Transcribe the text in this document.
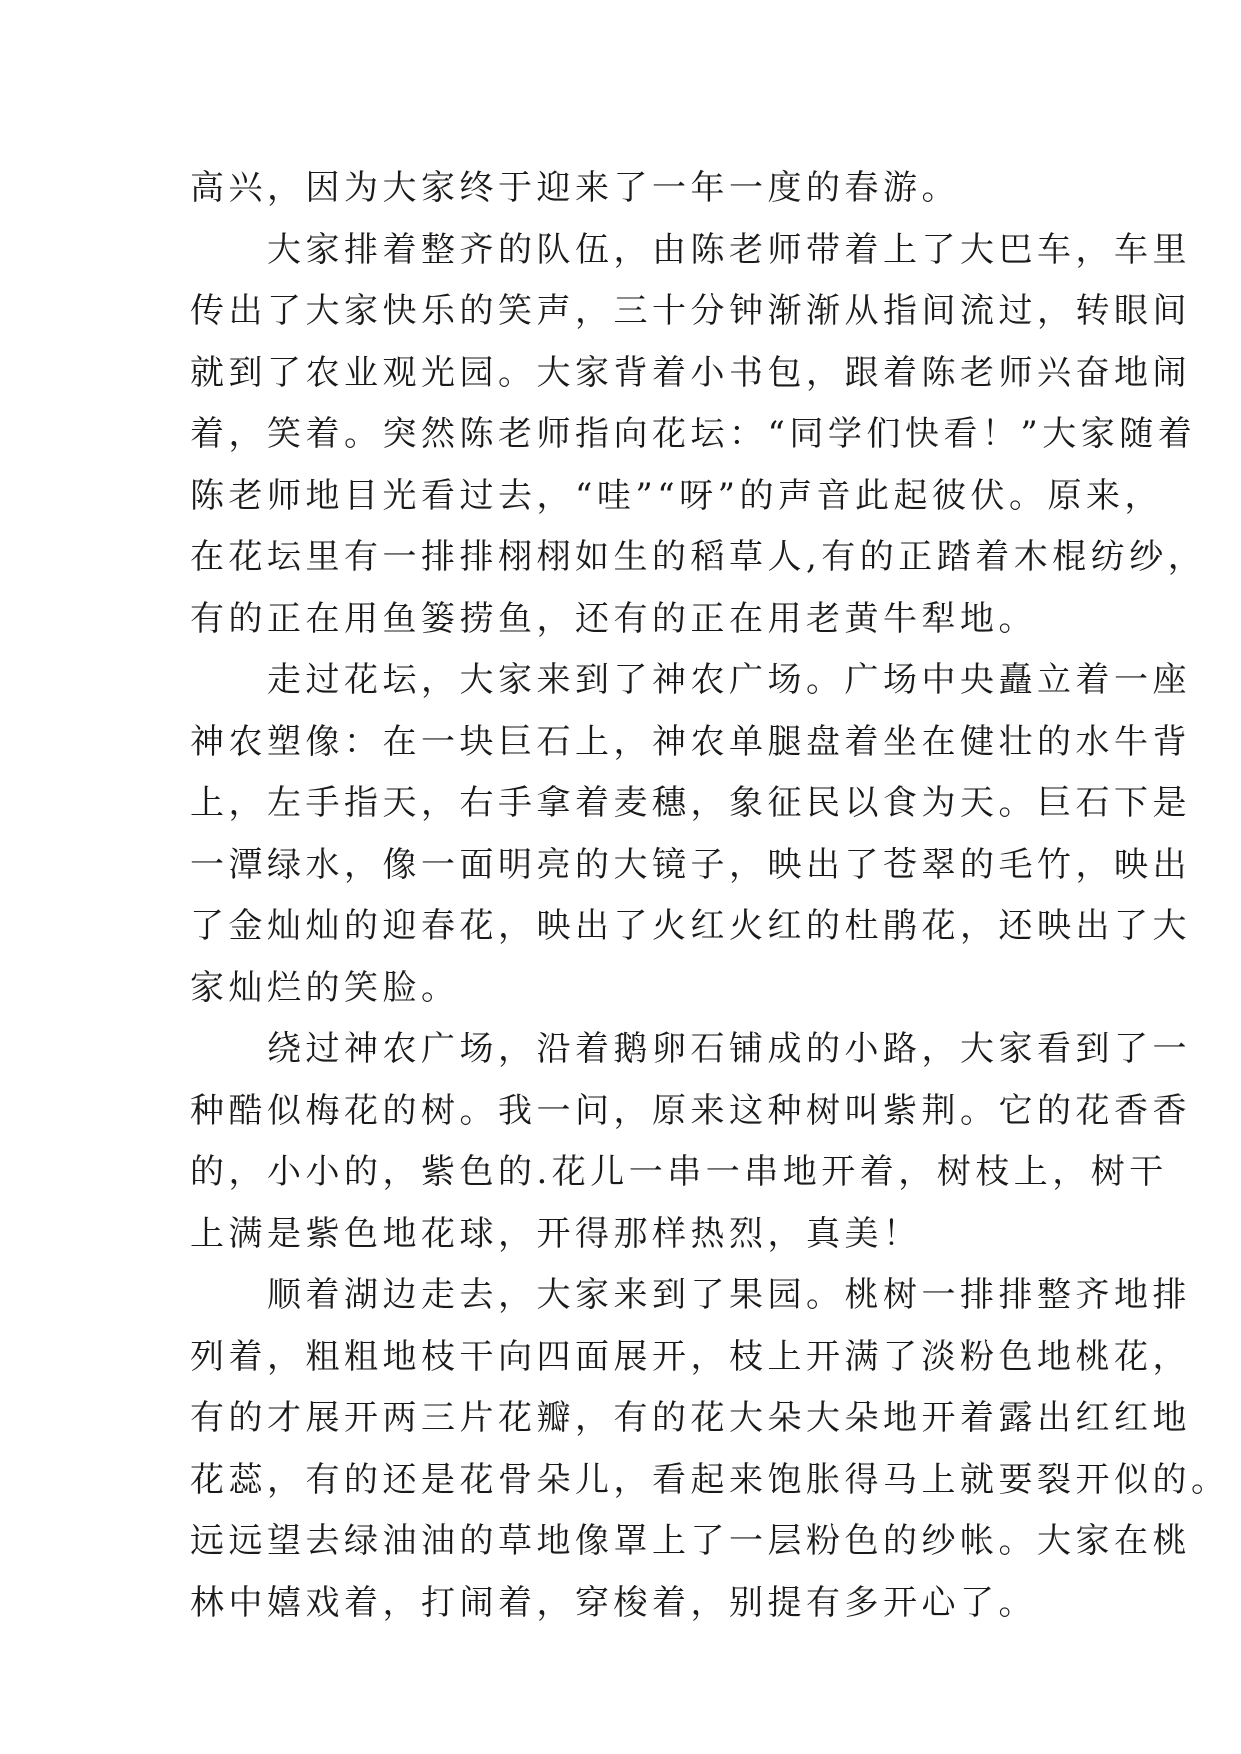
高兴，因为大家终于迎来了一年一度的春游。
大家排着整齐的队伍，由陈老师带着上了大巴车，车里
传出了大家快乐的笑声，三十分钟渐渐从指间流过，转眼间
就到了农业观光园。大家背着小书包，跟着陈老师兴奋地闹
着，笑着。突然陈老师指向花坛：“同学们快看！”大家随着
陈老师地目光看过去，“哇”“呀”的声音此起彼伏。原来，
在花坛里有一排排栩栩如生的稻草人,有的正踏着木棍纺纱，
有的正在用鱼篓捞鱼，还有的正在用老黄牛犁地。
走过花坛，大家来到了神农广场。广场中央矗立着一座
神农塑像：在一块巨石上，神农单腿盘着坐在健壮的水牛背
上，左手指天，右手拿着麦穗，象征民以食为天。巨石下是
一潭绿水，像一面明亮的大镜子，映出了苍翠的毛竹，映出
了金灿灿的迎春花，映出了火红火红的杜鹃花，还映出了大
家灿烂的笑脸。
绕过神农广场，沿着鹅卵石铺成的小路，大家看到了一
种酷似梅花的树。我一问，原来这种树叫紫荆。它的花香香
的，小小的，紫色的.花儿一串一串地开着，树枝上，树干
上满是紫色地花球，开得那样热烈，真美！
顺着湖边走去，大家来到了果园。桃树一排排整齐地排
列着，粗粗地枝干向四面展开，枝上开满了淡粉色地桃花，
有的才展开两三片花瓣，有的花大朵大朵地开着露出红红地
花蕊，有的还是花骨朵儿，看起来饱胀得马上就要裂开似的。
远远望去绿油油的草地像罩上了一层粉色的纱帐。大家在桃
林中嬉戏着，打闹着，穿梭着，别提有多开心了。
